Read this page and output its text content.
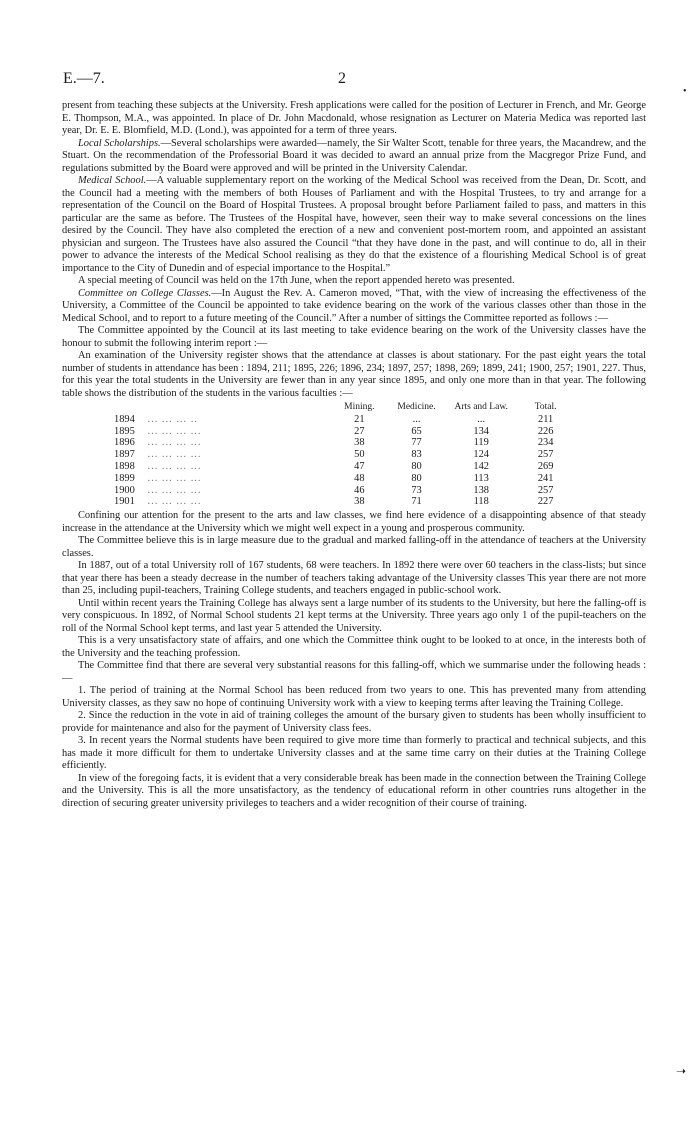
E.—7.	2
•
➝

present from teaching these subjects at the University. Fresh applications were called for the position of Lecturer in French, and Mr. George E. Thompson, M.A., was appointed. In place of Dr. John Macdonald, whose resignation as Lecturer on Materia Medica was reported last year, Dr. E. E. Blomfield, M.D. (Lond.), was appointed for a term of three years.

Local Scholarships.—Several scholarships were awarded—namely, the Sir Walter Scott, tenable for three years, the Macandrew, and the Stuart. On the recommendation of the Professorial Board it was decided to award an annual prize from the Macgregor Prize Fund, and regulations submitted by the Board were approved and will be printed in the University Calendar.

Medical School.—A valuable supplementary report on the working of the Medical School was received from the Dean, Dr. Scott, and the Council had a meeting with the members of both Houses of Parliament and with the Hospital Trustees, to try and arrange for a representation of the Council on the Board of Hospital Trustees. A proposal brought before Parliament failed to pass, and matters in this particular are the same as before. The Trustees of the Hospital have, however, seen their way to make several concessions on the lines desired by the Council. They have also completed the erection of a new and convenient post-mortem room, and appointed an assistant physician and surgeon. The Trustees have also assured the Council “that they have done in the past, and will continue to do, all in their power to advance the interests of the Medical School realising as they do that the existence of a flourishing Medical School is of great importance to the City of Dunedin and of especial importance to the Hospital.”

A special meeting of Council was held on the 17th June, when the report appended hereto was presented.

Committee on College Classes.—In August the Rev. A. Cameron moved, “That, with the view of increasing the effectiveness of the University, a Committee of the Council be appointed to take evidence bearing on the work of the various classes other than those in the Medical School, and to report to a future meeting of the Council.” After a number of sittings the Committee reported as follows :—

The Committee appointed by the Council at its last meeting to take evidence bearing on the work of the University classes have the honour to submit the following interim report :—

An examination of the University register shows that the attendance at classes is about stationary. For the past eight years the total number of students in attendance has been : 1894, 211; 1895, 226; 1896, 234; 1897, 257; 1898, 269; 1899, 241; 1900, 257; 1901, 227. Thus, for this year the total students in the University are fewer than in any year since 1895, and only one more than in that year. The following table shows the distribution of the students in the various faculties :—

		Mining.	Medicine.	Arts and Law.	Total.
1894	... ... ... ..	21	...	...	211
1895	... ... ... ...	27	65	134	226
1896	... ... ... ...	38	77	119	234
1897	... ... ... ...	50	83	124	257
1898	... ... ... ...	47	80	142	269
1899	... ... ... ...	48	80	113	241
1900	... ... ... ...	46	73	138	257
1901	... ... ... ...	38	71	118	227

Confining our attention for the present to the arts and law classes, we find here evidence of a disappointing absence of that steady increase in the attendance at the University which we might well expect in a young and prosperous community.

The Committee believe this is in large measure due to the gradual and marked falling-off in the attendance of teachers at the University classes.

In 1887, out of a total University roll of 167 students, 68 were teachers. In 1892 there were over 60 teachers in the class-lists; but since that year there has been a steady decrease in the number of teachers taking advantage of the University classes This year there are not more than 25, including pupil-teachers, Training College students, and teachers engaged in public-school work.

Until within recent years the Training College has always sent a large number of its students to the University, but here the falling-off is very conspicuous. In 1892, of Normal School students 21 kept terms at the University. Three years ago only 1 of the pupil-teachers on the roll of the Normal School kept terms, and last year 5 attended the University.

This is a very unsatisfactory state of affairs, and one which the Committee think ought to be looked to at once, in the interests both of the University and the teaching profession.

The Committee find that there are several very substantial reasons for this falling-off, which we summarise under the following heads :—

1. The period of training at the Normal School has been reduced from two years to one. This has prevented many from attending University classes, as they saw no hope of continuing University work with a view to keeping terms after leaving the Training College.

2. Since the reduction in the vote in aid of training colleges the amount of the bursary given to students has been wholly insufficient to provide for maintenance and also for the payment of University class fees.

3. In recent years the Normal students have been required to give more time than formerly to practical and technical subjects, and this has made it more difficult for them to undertake University classes and at the same time carry on their duties at the Training College efficiently.

In view of the foregoing facts, it is evident that a very considerable break has been made in the connection between the Training College and the University. This is all the more unsatisfactory, as the tendency of educational reform in other countries runs altogether in the direction of securing greater university privileges to teachers and a wider recognition of their course of training.
